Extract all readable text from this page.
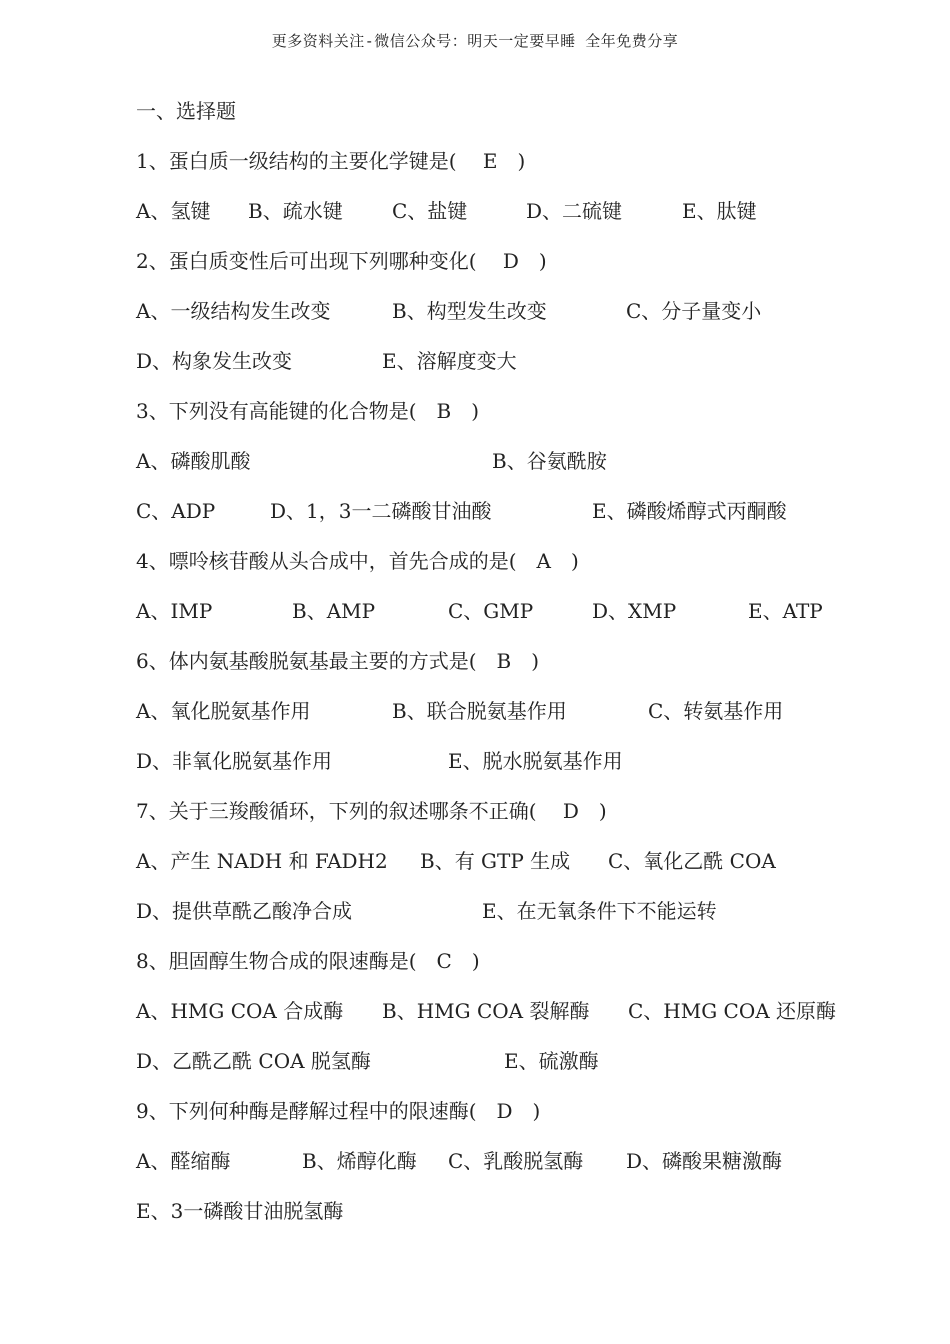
更多资料关注-微信公众号：明天一定要早睡 全年免费分享
一、选择题
1、蛋白质一级结构的主要化学键是(　 E　)
A、氢键 B、疏水键 C、盐键	D、二硫键	E、肽键
2、蛋白质变性后可出现下列哪种变化(　 D　)
A、一级结构发生改变	B、构型发生改变	C、分子量变小
D、构象发生改变	E、溶解度变大
3、下列没有高能键的化合物是(　B　)
A、磷酸肌酸	B、谷氨酰胺
C、ADP	D、1，3一二磷酸甘油酸	E、磷酸烯醇式丙酮酸
4、嘌呤核苷酸从头合成中，首先合成的是(　A　)
A、IMP	B、AMP	C、GMP	D、XMP	E、ATP
6、体内氨基酸脱氨基最主要的方式是(　B　)
A、氧化脱氨基作用	B、联合脱氨基作用	C、转氨基作用
D、非氧化脱氨基作用	E、脱水脱氨基作用
7、关于三羧酸循环，下列的叙述哪条不正确(　 D　)
A、产生 NADH 和 FADH2 B、有 GTP 生成 C、氧化乙酰 COA
D、提供草酰乙酸净合成	E、在无氧条件下不能运转
8、胆固醇生物合成的限速酶是(　C　)
A、HMG COA 合成酶 B、HMG COA 裂解酶 C、HMG COA 还原酶
D、乙酰乙酰 COA 脱氢酶	E、硫激酶
9、下列何种酶是酵解过程中的限速酶(　D　)
A、醛缩酶	B、烯醇化酶 C、乳酸脱氢酶 D、磷酸果糖激酶
E、3一磷酸甘油脱氢酶
